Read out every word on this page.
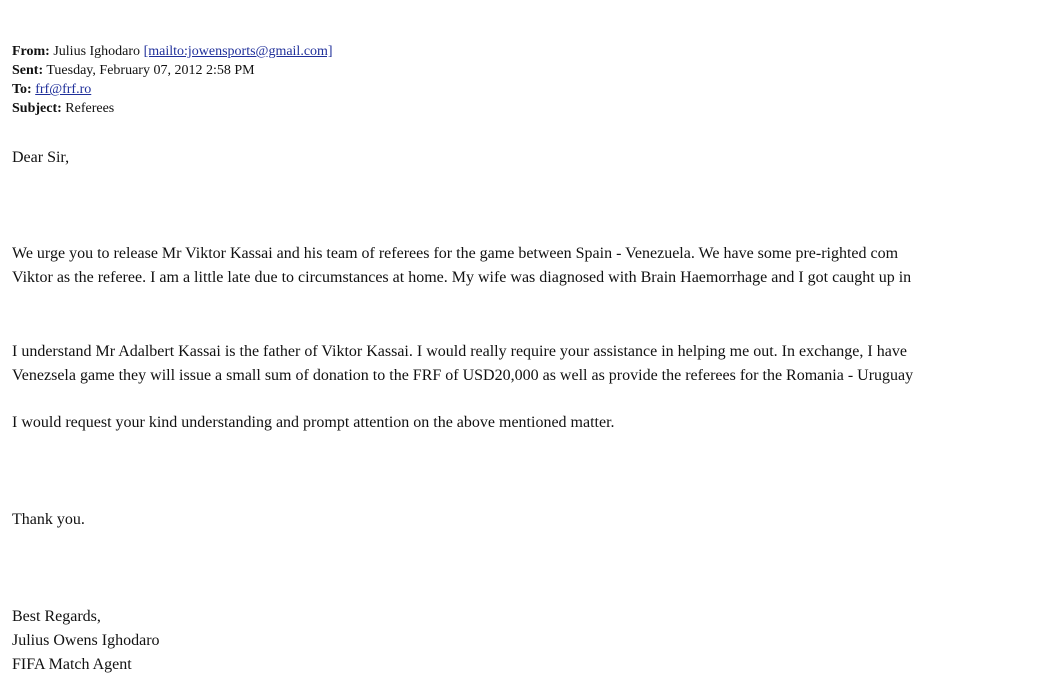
From: Julius Ighodaro [mailto:jowensports@gmail.com]
Sent: Tuesday, February 07, 2012 2:58 PM
To: frf@frf.ro
Subject: Referees
Dear Sir,
We urge you to release Mr Viktor Kassai and his team of referees for the game between Spain - Venezuela. We have some pre-righted com
Viktor as the referee. I am a little late due to circumstances at home. My wife was diagnosed with Brain Haemorrhage and I got caught up in
I understand Mr Adalbert Kassai is the father of Viktor Kassai. I would really require your assistance in helping me out. In exchange, I have
Venezsela game they will issue a small sum of donation to the FRF of USD20,000 as well as provide the referees for the Romania - Uruguay
I would request your kind understanding and prompt attention on the above mentioned matter.
Thank you.
Best Regards,
Julius Owens Ighodaro
FIFA Match Agent
